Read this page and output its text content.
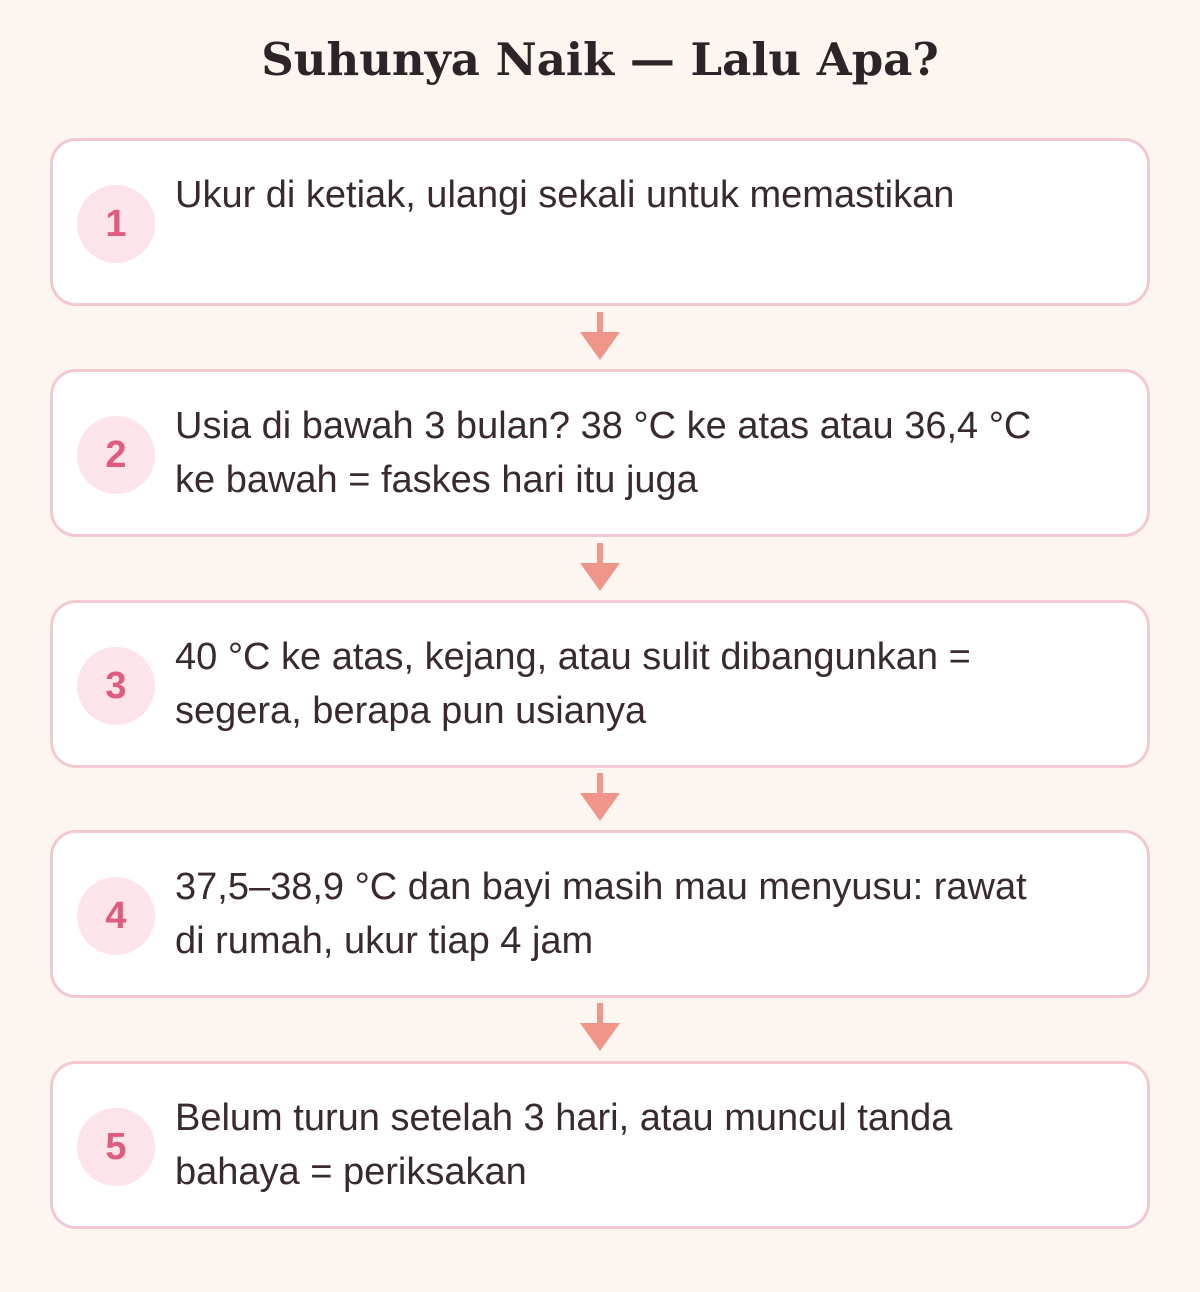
Suhunya Naik — Lalu Apa?
1
Ukur di ketiak, ulangi sekali untuk memastikan
2
Usia di bawah 3 bulan? 38 °C ke atas atau 36,4 °C ke bawah = faskes hari itu juga
3
40 °C ke atas, kejang, atau sulit dibangunkan = segera, berapa pun usianya
4
37,5–38,9 °C dan bayi masih mau menyusu: rawat di rumah, ukur tiap 4 jam
5
Belum turun setelah 3 hari, atau muncul tanda bahaya = periksakan
